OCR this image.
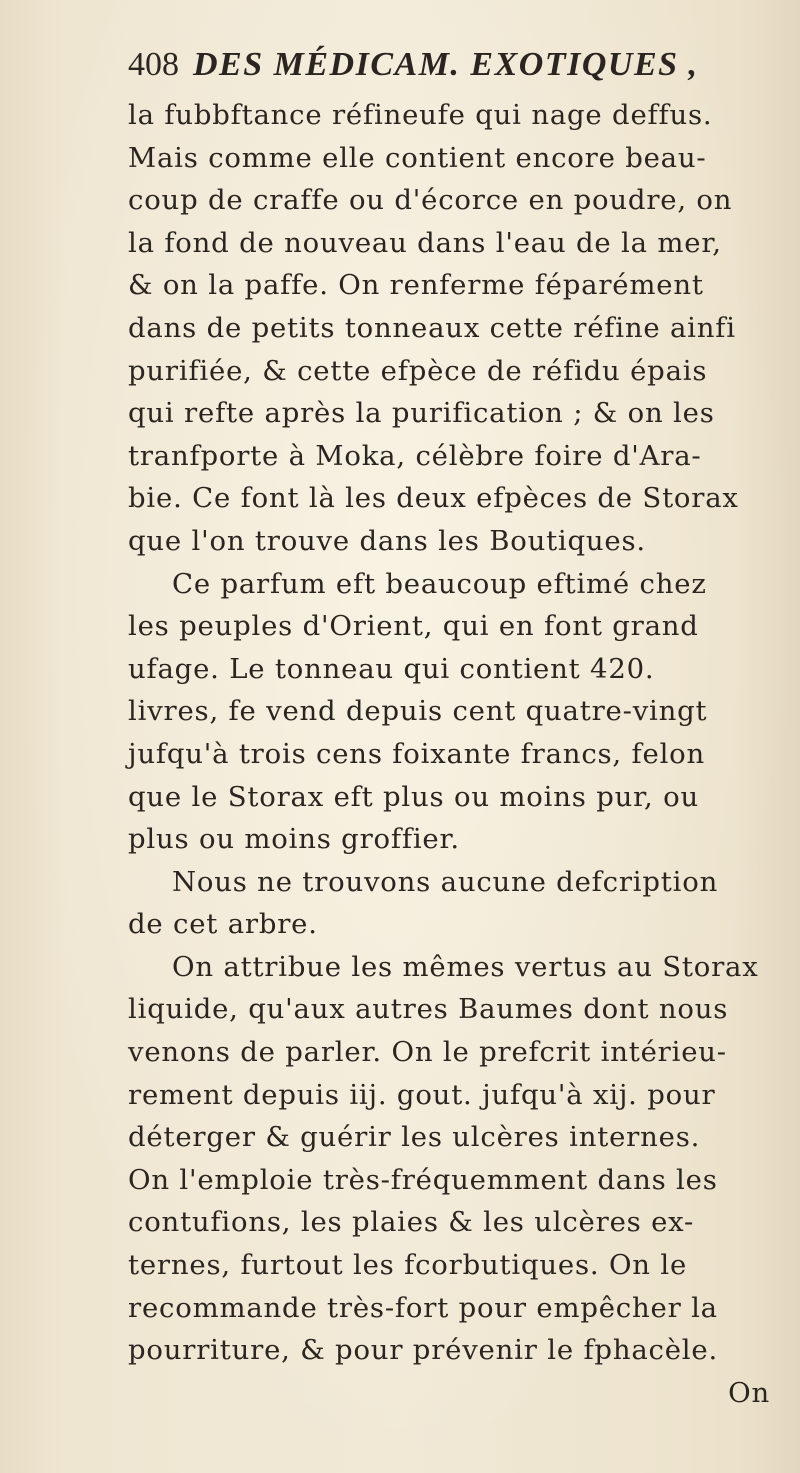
408 DES MÉDICAM. EXOTIQUES ,
la fubbftance réfineufe qui nage deffus.
Mais comme elle contient encore beau-
coup de craffe ou d'écorce en poudre, on
la fond de nouveau dans l'eau de la mer,
& on la paffe. On renferme féparément
dans de petits tonneaux cette réfine ainfi
purifiée, & cette efpèce de réfidu épais
qui refte après la purification ; & on les
tranfporte à Moka, célèbre foire d'Ara-
bie. Ce font là les deux efpèces de Storax
que l'on trouve dans les Boutiques.
Ce parfum eft beaucoup eftimé chez
les peuples d'Orient, qui en font grand
ufage. Le tonneau qui contient 420.
livres, fe vend depuis cent quatre-vingt
jufqu'à trois cens foixante francs, felon
que le Storax eft plus ou moins pur, ou
plus ou moins groffier.
Nous ne trouvons aucune defcription
de cet arbre.
On attribue les mêmes vertus au Storax
liquide, qu'aux autres Baumes dont nous
venons de parler. On le prefcrit intérieu-
rement depuis iij. gout. jufqu'à xij. pour
déterger & guérir les ulcères internes.
On l'emploie très-fréquemment dans les
contufions, les plaies & les ulcères ex-
ternes, furtout les fcorbutiques. On le
recommande très-fort pour empêcher la
pourriture, & pour prévenir le fphacèle.
On
